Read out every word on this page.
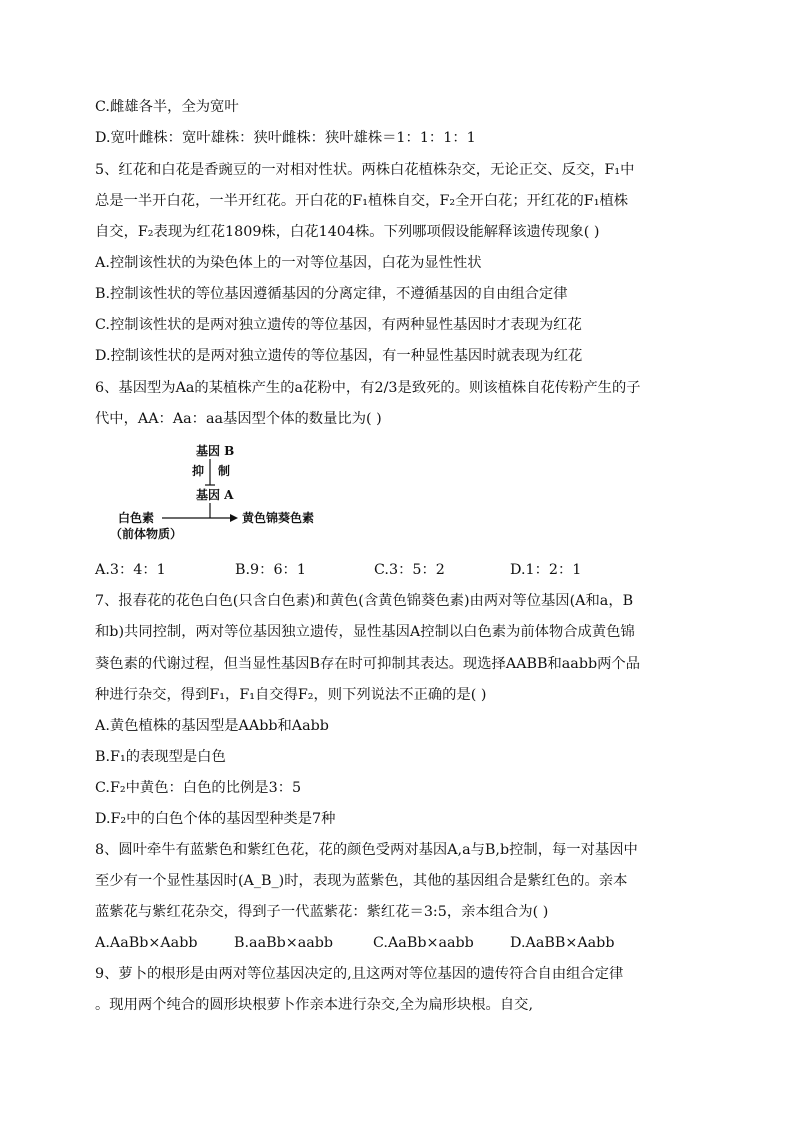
C.雌雄各半，全为宽叶
D.宽叶雌株：宽叶雄株：狭叶雌株：狭叶雄株＝1：1：1：1
5、红花和白花是香豌豆的一对相对性状。两株白花植株杂交，无论正交、反交，F₁中
总是一半开白花，一半开红花。开白花的F₁植株自交，F₂全开白花；开红花的F₁植株
自交，F₂表现为红花1809株，白花1404株。下列哪项假设能解释该遗传现象( )
A.控制该性状的为染色体上的一对等位基因，白花为显性性状
B.控制该性状的等位基因遵循基因的分离定律，不遵循基因的自由组合定律
C.控制该性状的是两对独立遗传的等位基因，有两种显性基因时才表现为红花
D.控制该性状的是两对独立遗传的等位基因，有一种显性基因时就表现为红花
6、基因型为Aa的某植株产生的a花粉中，有2/3是致死的。则该植株自花传粉产生的子
代中，AA：Aa：aa基因型个体的数量比为( )
基因 B
抑 制
基因 A
白色素
（前体物质）
黄色锦葵色素
A.3：4：1	B.9：6：1	C.3：5：2	D.1：2：1
7、报春花的花色白色(只含白色素)和黄色(含黄色锦葵色素)由两对等位基因(A和a，B
和b)共同控制，两对等位基因独立遗传，显性基因A控制以白色素为前体物合成黄色锦
葵色素的代谢过程，但当显性基因B存在时可抑制其表达。现选择AABB和aabb两个品
种进行杂交，得到F₁，F₁自交得F₂，则下列说法不正确的是( )
A.黄色植株的基因型是AAbb和Aabb
B.F₁的表现型是白色
C.F₂中黄色：白色的比例是3：5
D.F₂中的白色个体的基因型种类是7种
8、圆叶牵牛有蓝紫色和紫红色花，花的颜色受两对基因A,a与B,b控制，每一对基因中
至少有一个显性基因时(A_B_)时，表现为蓝紫色，其他的基因组合是紫红色的。亲本
蓝紫花与紫红花杂交，得到子一代蓝紫花：紫红花＝3:5，亲本组合为( )
A.AaBb×Aabb	B.aaBb×aabb	C.AaBb×aabb	D.AaBB×Aabb
9、萝卜的根形是由两对等位基因决定的,且这两对等位基因的遗传符合自由组合定律
。现用两个纯合的圆形块根萝卜作亲本进行杂交,全为扁形块根。自交,
